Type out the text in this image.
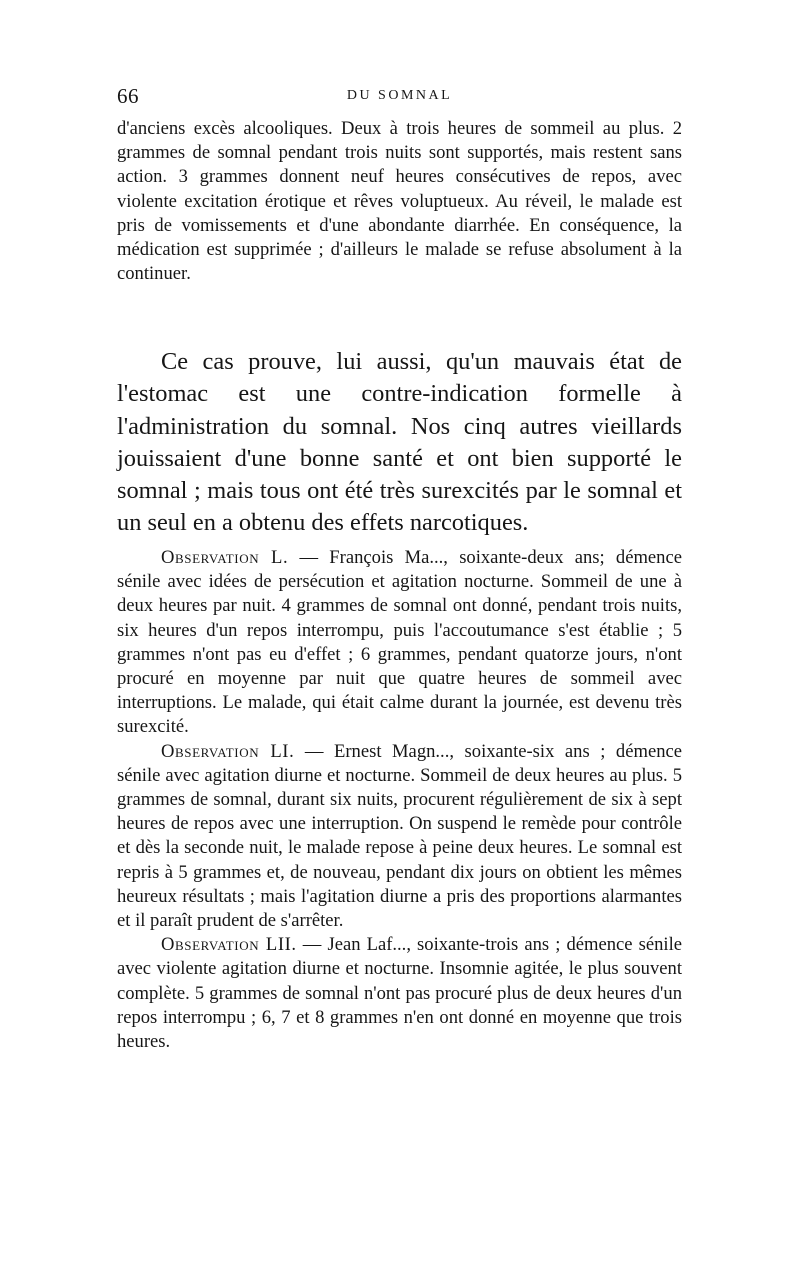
66	DU SOMNAL

d'anciens excès alcooliques. Deux à trois heures de sommeil au plus. 2 grammes de somnal pendant trois nuits sont supportés, mais restent sans action. 3 grammes donnent neuf heures consécutives de repos, avec violente excitation érotique et rêves voluptueux. Au réveil, le malade est pris de vomissements et d'une abondante diarrhée. En conséquence, la médication est supprimée ; d'ailleurs le malade se refuse absolument à la continuer.

Ce cas prouve, lui aussi, qu'un mauvais état de l'estomac est une contre-indication formelle à l'administration du somnal. Nos cinq autres vieillards jouissaient d'une bonne santé et ont bien supporté le somnal ; mais tous ont été très surexcités par le somnal et un seul en a obtenu des effets narcotiques.

Observation L. — François Ma..., soixante-deux ans; démence sénile avec idées de persécution et agitation nocturne. Sommeil de une à deux heures par nuit. 4 grammes de somnal ont donné, pendant trois nuits, six heures d'un repos interrompu, puis l'accoutumance s'est établie ; 5 grammes n'ont pas eu d'effet ; 6 grammes, pendant quatorze jours, n'ont procuré en moyenne par nuit que quatre heures de sommeil avec interruptions. Le malade, qui était calme durant la journée, est devenu très surexcité.

Observation LI. — Ernest Magn..., soixante-six ans ; démence sénile avec agitation diurne et nocturne. Sommeil de deux heures au plus. 5 grammes de somnal, durant six nuits, procurent régulièrement de six à sept heures de repos avec une interruption. On suspend le remède pour contrôle et dès la seconde nuit, le malade repose à peine deux heures. Le somnal est repris à 5 grammes et, de nouveau, pendant dix jours on obtient les mêmes heureux résultats ; mais l'agitation diurne a pris des proportions alarmantes et il paraît prudent de s'arrêter.

Observation LII. — Jean Laf..., soixante-trois ans ; démence sénile avec violente agitation diurne et nocturne. Insomnie agitée, le plus souvent complète. 5 grammes de somnal n'ont pas procuré plus de deux heures d'un repos interrompu ; 6, 7 et 8 grammes n'en ont donné en moyenne que trois heures.
